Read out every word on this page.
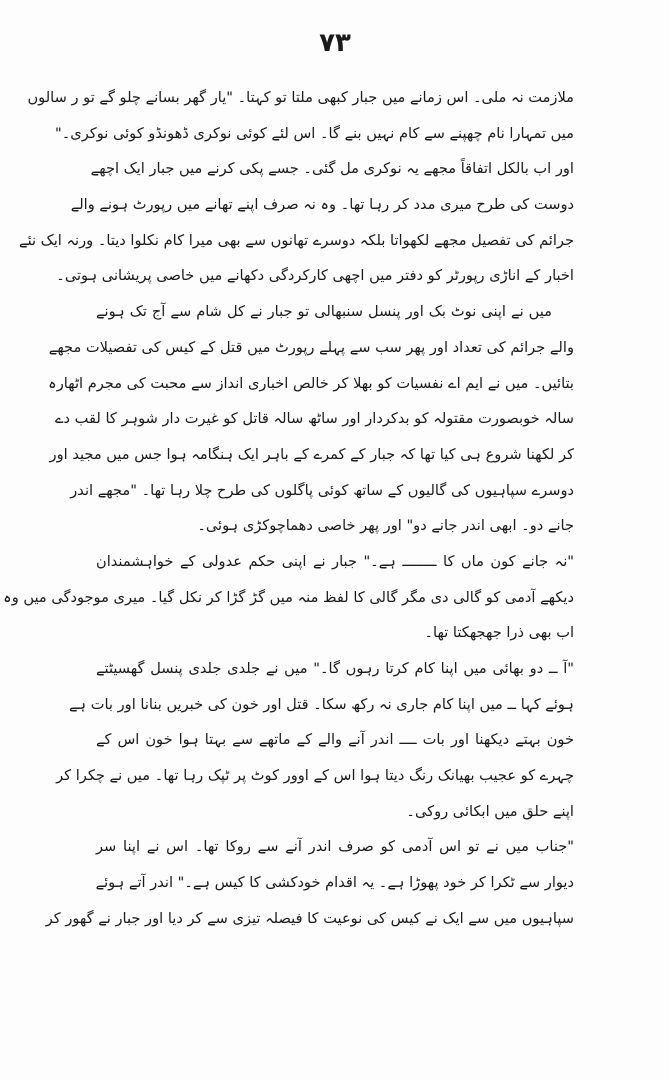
۷۳
ملازمت نہ ملی۔ اس زمانے میں جبار کبھی ملتا تو کہتا۔ "یار گھر بسانے چلو گے تو ر سالوں
میں تمہارا نام چھپنے سے کام نہیں بنے گا۔ اس لئے کوئی نوکری ڈھونڈو کوئی نوکری۔"
اور اب بالکل اتفاقاً مجھے یہ نوکری مل گئی۔ جسے پکی کرنے میں جبار ایک اچھے
دوست کی طرح میری مدد کر رہا تھا۔ وہ نہ صرف اپنے تھانے میں رپورٹ ہونے والے
جرائم کی تفصیل مجھے لکھواتا بلکہ دوسرے تھانوں سے بھی میرا کام نکلوا دیتا۔ ورنہ ایک نئے
اخبار کے اناڑی رپورٹر کو دفتر میں اچھی کارکردگی دکھانے میں خاصی پریشانی ہوتی۔
میں نے اپنی نوٹ بک اور پنسل سنبھالی تو جبار نے کل شام سے آج تک ہونے
والے جرائم کی تعداد اور پھر سب سے پہلے رپورٹ میں قتل کے کیس کی تفصیلات مجھے
بتائیں۔ میں نے ایم اے نفسیات کو بھلا کر خالص اخباری انداز سے محبت کی مجرم اٹھارہ
سالہ خوبصورت مقتولہ کو بدکردار اور ساٹھ سالہ قاتل کو غیرت دار شوہر کا لقب دے
کر لکھنا شروع ہی کیا تھا کہ جبار کے کمرے کے باہر ایک ہنگامہ ہوا جس میں مجید اور
دوسرے سپاہیوں کی گالیوں کے ساتھ کوئی پاگلوں کی طرح چلا رہا تھا۔ "مجھے اندر
جانے دو۔ ابھی اندر جانے دو" اور پھر خاصی دھماچوکڑی ہوئی۔
"نہ جانے کون ماں کا ــــــــ ہے۔" جبار نے اپنی حکم عدولی کے خواہشمندان
دیکھے آدمی کو گالی دی مگر گالی کا لفظ منہ میں گڑ گڑا کر نکل گیا۔ میری موجودگی میں وہ
اب بھی ذرا جھجھکتا تھا۔
"آ ــ دو بھائی میں اپنا کام کرتا رہوں گا۔" میں نے جلدی جلدی پنسل گھسیٹتے
ہوئے کہا ــ میں اپنا کام جاری نہ رکھ سکا۔ قتل اور خون کی خبریں بنانا اور بات ہے
خون بہتے دیکھنا اور بات ــــ اندر آنے والے کے ماتھے سے بہتا ہوا خون اس کے
چہرے کو عجیب بھیانک رنگ دیتا ہوا اس کے اوور کوٹ پر ٹپک رہا تھا۔ میں نے چکرا کر
اپنے حلق میں ابکائی روکی۔
"جناب میں نے تو اس آدمی کو صرف اندر آنے سے روکا تھا۔ اس نے اپنا سر
دیوار سے ٹکرا کر خود پھوڑا ہے۔ یہ اقدام خودکشی کا کیس ہے۔" اندر آتے ہوئے
سپاہیوں میں سے ایک نے کیس کی نوعیت کا فیصلہ تیزی سے کر دیا اور جبار نے گھور کر
